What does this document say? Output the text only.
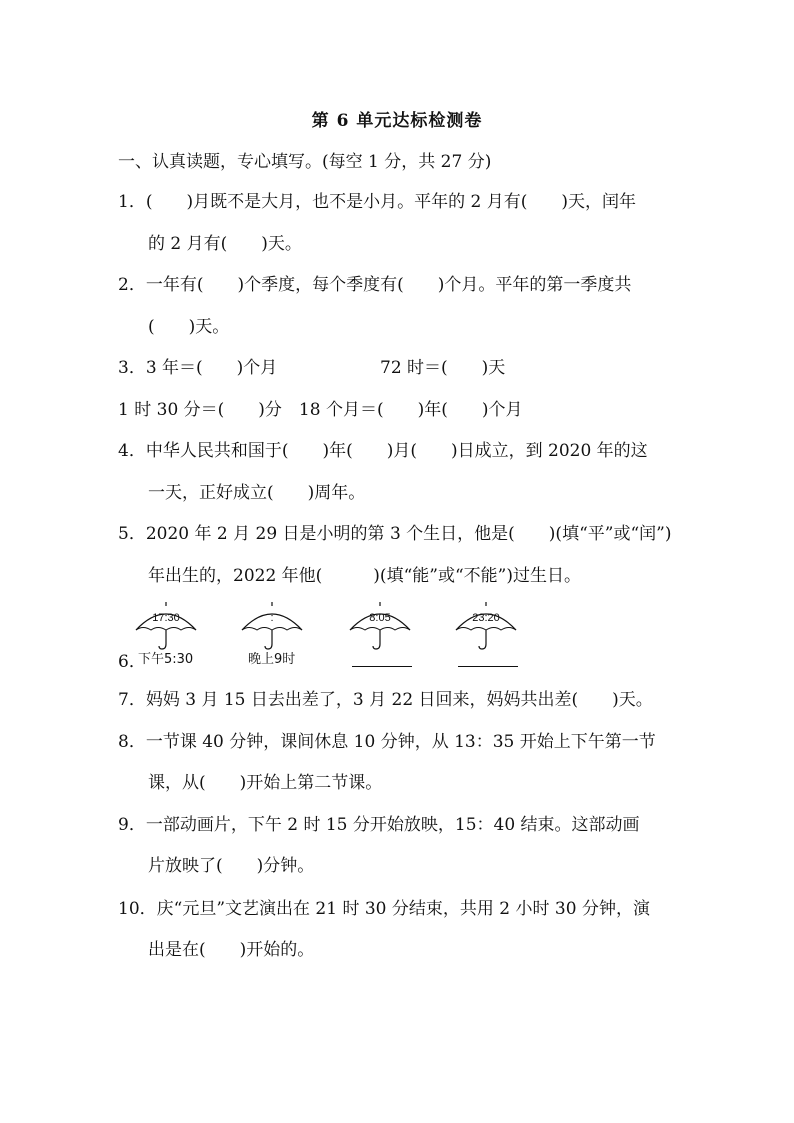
第 6 单元达标检测卷
一、认真读题，专心填写。(每空 1 分，共 27 分)
1．(　　)月既不是大月，也不是小月。平年的 2 月有(　　)天，闰年
的 2 月有(　　)天。
2．一年有(　　)个季度，每个季度有(　　)个月。平年的第一季度共
(　　)天。
3．3 年＝(　　)个月	72 时＝(　　)天
1 时 30 分＝(　　)分　18 个月＝(　　)年(　　)个月
4．中华人民共和国于(　　)年(　　)月(　　)日成立，到 2020 年的这
一天，正好成立(　　)周年。
5．2020 年 2 月 29 日是小明的第 3 个生日，他是(　　)(填“平”或“闰”)
年出生的，2022 年他(　　　)(填“能”或“不能”)过生日。
6．
17:30
下午5:30
:
晚上9时
8:05	23:20
7．妈妈 3 月 15 日去出差了，3 月 22 日回来，妈妈共出差(　　)天。
8．一节课 40 分钟，课间休息 10 分钟，从 13：35 开始上下午第一节
课，从(　　)开始上第二节课。
9．一部动画片，下午 2 时 15 分开始放映，15：40 结束。这部动画
片放映了(　　)分钟。
10．庆“元旦”文艺演出在 21 时 30 分结束，共用 2 小时 30 分钟，演
出是在(　　)开始的。
